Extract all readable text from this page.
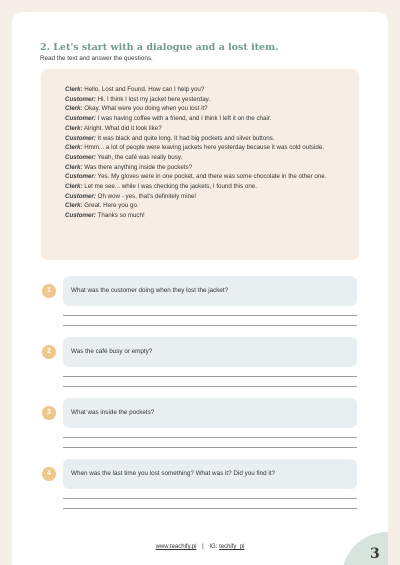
2. Let's start with a dialogue and a lost item.
Read the text and answer the questions.

Clerk: Hello. Lost and Found. How can I help you?

Customer: Hi. I think I lost my jacket here yesterday.

Clerk: Okay. What were you doing when you lost it?

Customer: I was having coffee with a friend, and I think I left it on the chair.

Clerk: Alright. What did it look like?

Customer: It was black and quite long. It had big pockets and silver buttons.

Clerk: Hmm... a lot of people were leaving jackets here yesterday because it was cold outside.

Customer: Yeah, the café was really busy.

Clerk: Was there anything inside the pockets?

Customer: Yes. My gloves were in one pocket, and there was some chocolate in the other one.

Clerk: Let me see... while I was checking the jackets, I found this one.

Customer: Oh wow - yes, that's definitely mine!

Clerk: Great. Here you go.

Customer: Thanks so much!

1	What was the customer doing when they lost the jacket?
2	Was the café busy or empty?
3	What was inside the pockets?
4	When was the last time you lost something? What was it? Did you find it?
www.teachify.pl | IG: techify_pl	3
